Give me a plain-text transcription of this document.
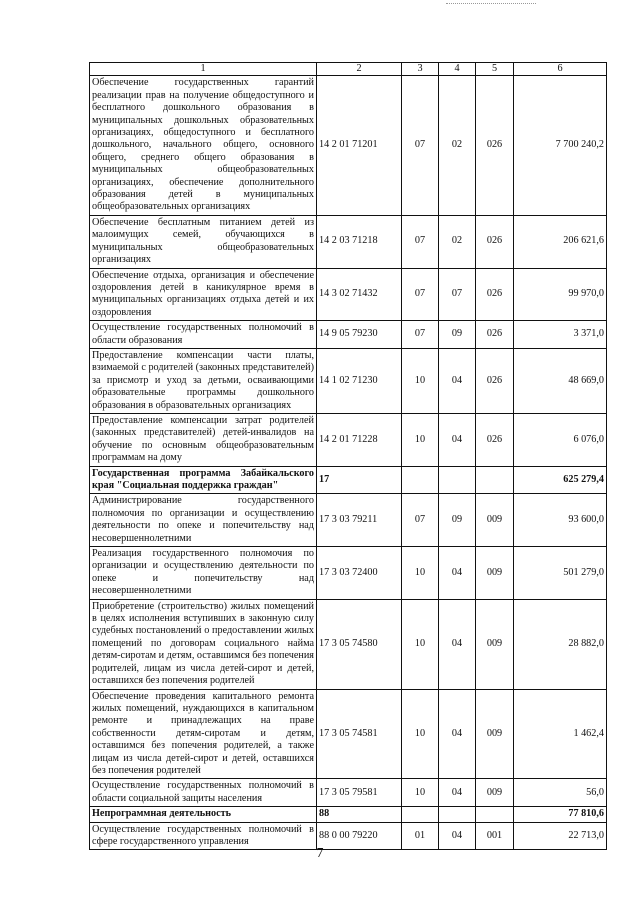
1	2	3	4	5	6
Обеспечение государственных гарантий реализации прав на получение общедоступного и бесплатного дошкольного образования в муниципальных дошкольных образовательных организациях, общедоступного и бесплатного дошкольного, начального общего, основного общего, среднего общего образования в муниципальных общеобразовательных организациях, обеспечение дополнительного образования детей в муниципальных общеобразовательных организациях	14 2 01 71201	07	02	026	7 700 240,2
Обеспечение бесплатным питанием детей из малоимущих семей, обучающихся в муниципальных общеобразовательных организациях	14 2 03 71218	07	02	026	206 621,6
Обеспечение отдыха, организация и обеспечение оздоровления детей в каникулярное время в муниципальных организациях отдыха детей и их оздоровления	14 3 02 71432	07	07	026	99 970,0
Осуществление государственных полномочий в области образования	14 9 05 79230	07	09	026	3 371,0
Предоставление компенсации части платы, взимаемой с родителей (законных представителей) за присмотр и уход за детьми, осваивающими образовательные программы дошкольного образования в образовательных организациях	14 1 02 71230	10	04	026	48 669,0
Предоставление компенсации затрат родителей (законных представителей) детей-инвалидов на обучение по основным общеобразовательным программам на дому	14 2 01 71228	10	04	026	6 076,0
Государственная программа Забайкальского края "Социальная поддержка граждан"	17				625 279,4
Администрирование государственного полномочия по организации и осуществлению деятельности по опеке и попечительству над несовершеннолетними	17 3 03 79211	07	09	009	93 600,0
Реализация государственного полномочия по организации и осуществлению деятельности по опеке и попечительству над несовершеннолетними	17 3 03 72400	10	04	009	501 279,0
Приобретение (строительство) жилых помещений в целях исполнения вступивших в законную силу судебных постановлений о предоставлении жилых помещений по договорам социального найма детям-сиротам и детям, оставшимся без попечения родителей, лицам из числа детей-сирот и детей, оставшихся без попечения родителей	17 3 05 74580	10	04	009	28 882,0
Обеспечение проведения капитального ремонта жилых помещений, нуждающихся в капитальном ремонте и принадлежащих на праве собственности детям-сиротам и детям, оставшимся без попечения родителей, а также лицам из числа детей-сирот и детей, оставшихся без попечения родителей	17 3 05 74581	10	04	009	1 462,4
Осуществление государственных полномочий в области социальной защиты населения	17 3 05 79581	10	04	009	56,0
Непрограммная деятельность	88				77 810,6
Осуществление государственных полномочий в сфере государственного управления	88 0 00 79220	01	04	001	22 713,0
7
